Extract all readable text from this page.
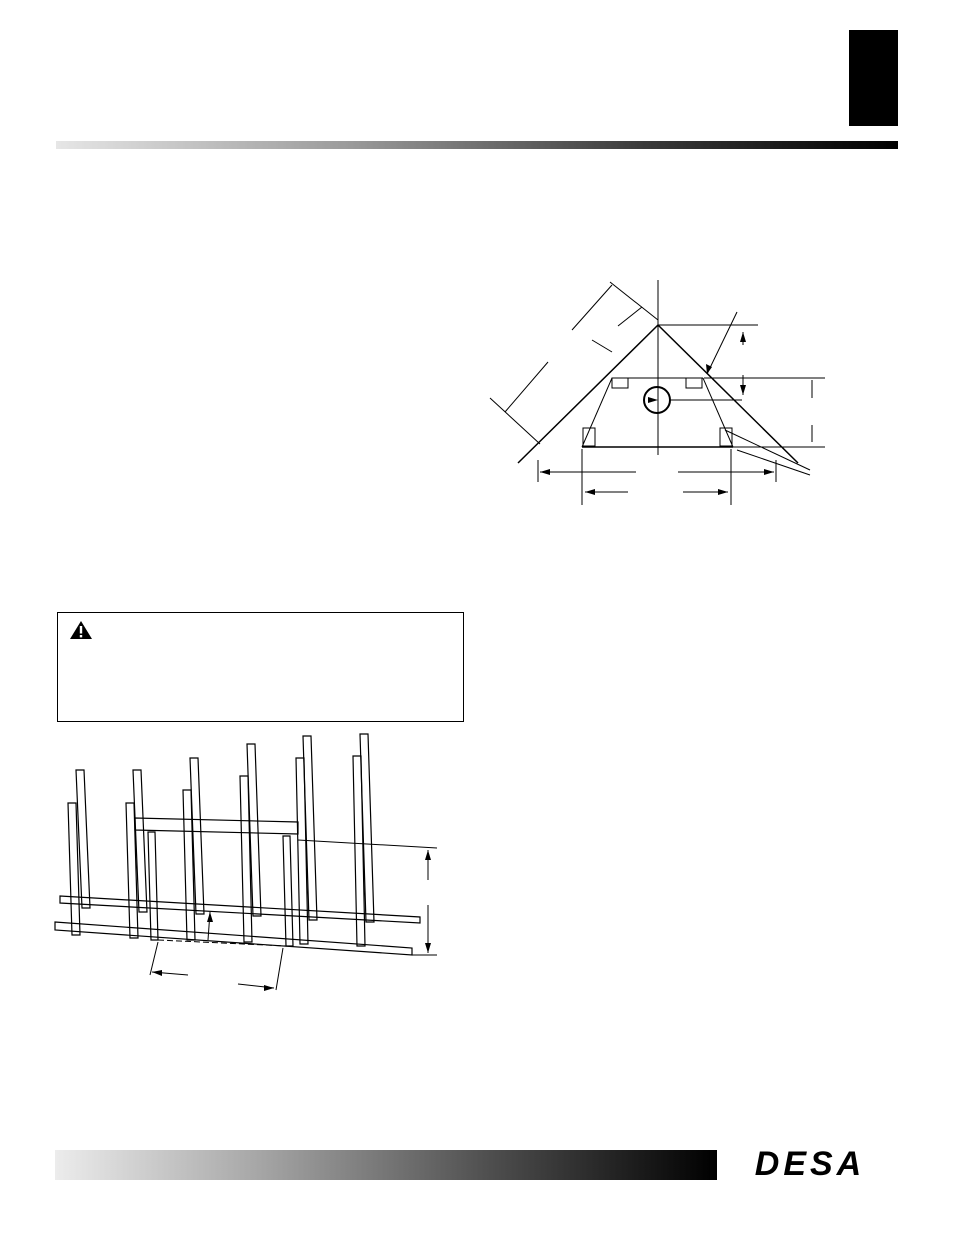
DESA
